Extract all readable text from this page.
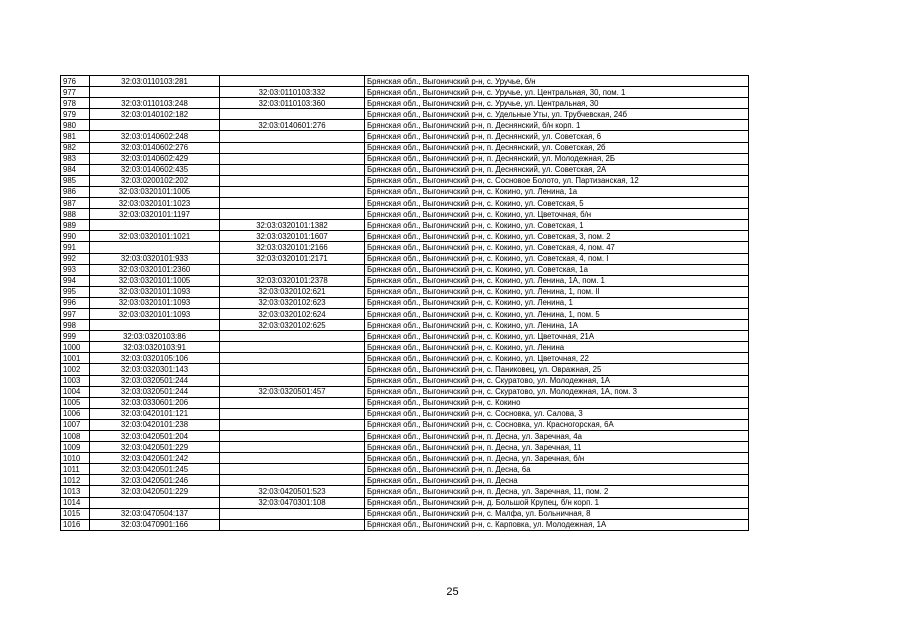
976	32:03:0110103:281		Брянская обл., Выгоничский р-н, с. Уручье, б/н
977		32:03:0110103:332	Брянская обл., Выгоничский р-н, с. Уручье, ул. Центральная, 30, пом. 1
978	32:03:0110103:248	32:03:0110103:360	Брянская обл., Выгоничский р-н, с. Уручье, ул. Центральная, 30
979	32:03:0140102:182		Брянская обл., Выгоничский р-н, с. Удельные Уты, ул. Трубчевская, 24б
980		32:03:0140601:276	Брянская обл., Выгоничский р-н, п. Деснянский, б/н корп. 1
981	32:03:0140602:248		Брянская обл., Выгоничский р-н, п. Деснянский, ул. Советская, 6
982	32:03:0140602:276		Брянская обл., Выгоничский р-н, п. Деснянский, ул. Советская, 2б
983	32:03:0140602:429		Брянская обл., Выгоничский р-н, п. Деснянский, ул. Молодежная, 2Б
984	32:03:0140602:435		Брянская обл., Выгоничский р-н, п. Деснянский, ул. Советская, 2А
985	32:03:0200102:202		Брянская обл., Выгоничский р-н, с. Сосновое Болото, ул. Партизанская, 12
986	32:03:0320101:1005		Брянская обл., Выгоничский р-н, с. Кокино, ул. Ленина, 1а
987	32:03:0320101:1023		Брянская обл., Выгоничский р-н, с. Кокино, ул. Советская, 5
988	32:03:0320101:1197		Брянская обл., Выгоничский р-н, с. Кокино, ул. Цветочная, б/н
989		32:03:0320101:1382	Брянская обл., Выгоничский р-н, с. Кокино, ул. Советская, 1
990	32:03:0320101:1021	32:03:0320101:1607	Брянская обл., Выгоничский р-н, с. Кокино, ул. Советская, 3, пом. 2
991		32:03:0320101:2166	Брянская обл., Выгоничский р-н, с. Кокино, ул. Советская, 4, пом. 47
992	32:03:0320101:933	32:03:0320101:2171	Брянская обл., Выгоничский р-н, с. Кокино, ул. Советская, 4, пом. I
993	32:03:0320101:2360		Брянская обл., Выгоничский р-н, с. Кокино, ул. Советская, 1а
994	32:03:0320101:1005	32:03:0320101:2378	Брянская обл., Выгоничский р-н, с. Кокино, ул. Ленина, 1А, пом. 1
995	32:03:0320101:1093	32:03:0320102:621	Брянская обл., Выгоничский р-н, с. Кокино, ул. Ленина, 1, пом. II
996	32:03:0320101:1093	32:03:0320102:623	Брянская обл., Выгоничский р-н, с. Кокино, ул. Ленина, 1
997	32:03:0320101:1093	32:03:0320102:624	Брянская обл., Выгоничский р-н, с. Кокино, ул. Ленина, 1, пом. 5
998		32:03:0320102:625	Брянская обл., Выгоничский р-н, с. Кокино, ул. Ленина, 1А
999	32:03:0320103:86		Брянская обл., Выгоничский р-н, с. Кокино, ул. Цветочная, 21А
1000	32:03:0320103:91		Брянская обл., Выгоничский р-н, с. Кокино, ул. Ленина
1001	32:03:0320105:106		Брянская обл., Выгоничский р-н, с. Кокино, ул. Цветочная, 22
1002	32:03:0320301:143		Брянская обл., Выгоничский р-н, с. Паниковец, ул. Овражная, 25
1003	32:03:0320501:244		Брянская обл., Выгоничский р-н, с. Скуратово, ул. Молодежная, 1А
1004	32:03:0320501:244	32:03:0320501:457	Брянская обл., Выгоничский р-н, с. Скуратово, ул. Молодежная, 1А, пом. 3
1005	32:03:0330601:206		Брянская обл., Выгоничский р-н, с. Кокино
1006	32:03:0420101:121		Брянская обл., Выгоничский р-н, с. Сосновка, ул. Салова, 3
1007	32:03:0420101:238		Брянская обл., Выгоничский р-н, с. Сосновка, ул. Красногорская, 6А
1008	32:03:0420501:204		Брянская обл., Выгоничский р-н, п. Десна, ул. Заречная, 4а
1009	32:03:0420501:229		Брянская обл., Выгоничский р-н, п. Десна, ул. Заречная, 11
1010	32:03:0420501:242		Брянская обл., Выгоничский р-н, п. Десна, ул. Заречная, б/н
1011	32:03:0420501:245		Брянская обл., Выгоничский р-н, п. Десна, 6а
1012	32:03:0420501:246		Брянская обл., Выгоничский р-н, п. Десна
1013	32:03:0420501:229	32:03:0420501:523	Брянская обл., Выгоничский р-н, п. Десна, ул. Заречная, 11, пом. 2
1014		32:03:0470301:108	Брянская обл., Выгоничский р-н, д. Большой Крупец, б/н корп. 1
1015	32:03:0470504:137		Брянская обл., Выгоничский р-н, с. Малфа, ул. Больничная, 8
1016	32:03:0470901:166		Брянская обл., Выгоничский р-н, с. Карповка, ул. Молодежная, 1А
25
